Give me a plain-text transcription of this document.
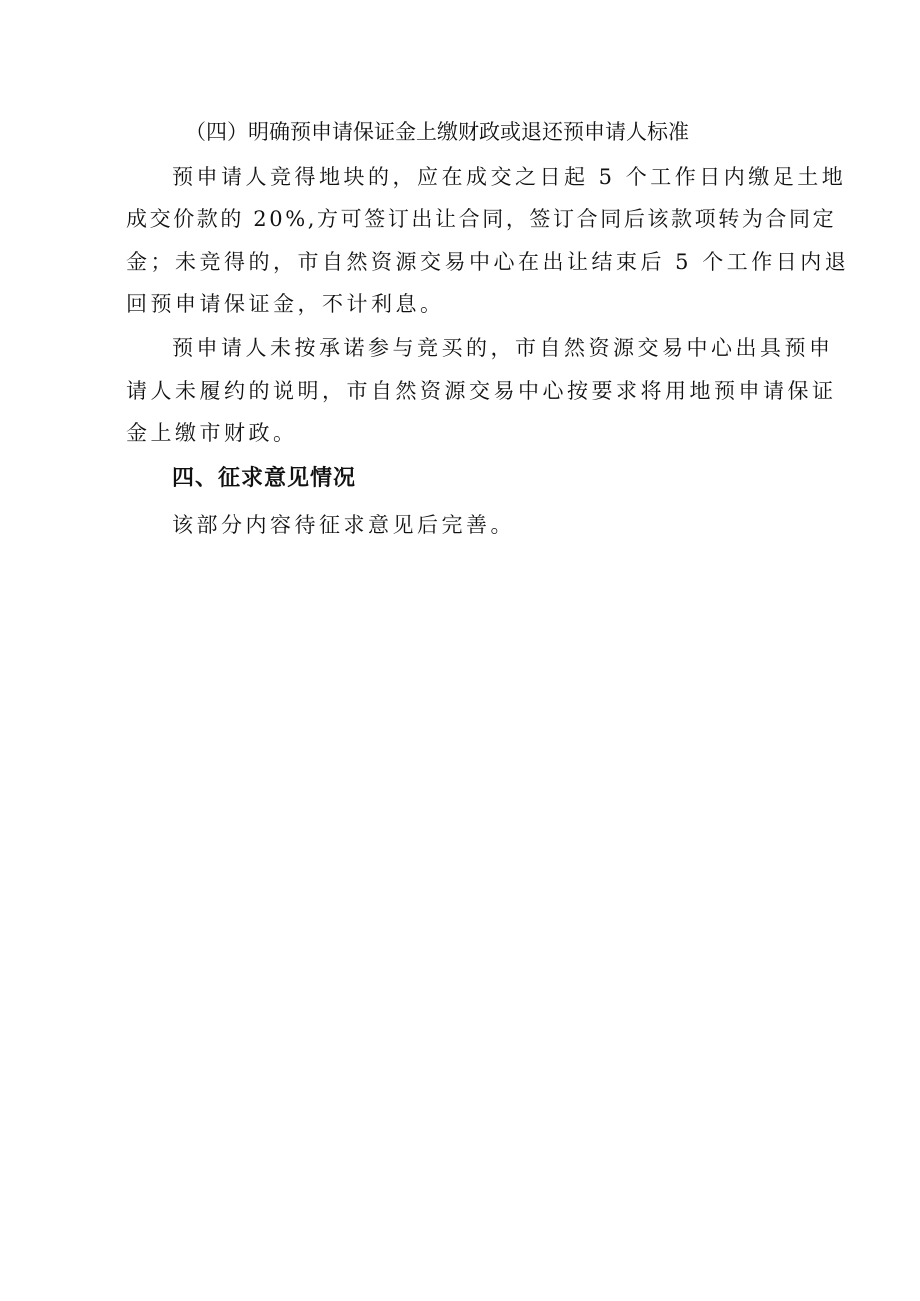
（四）明确预申请保证金上缴财政或退还预申请人标准
预申请人竞得地块的，应在成交之日起 5 个工作日内缴足土地
成交价款的 20%,方可签订出让合同，签订合同后该款项转为合同定
金；未竞得的，市自然资源交易中心在出让结束后 5 个工作日内退
回预申请保证金，不计利息。
预申请人未按承诺参与竞买的，市自然资源交易中心出具预申
请人未履约的说明，市自然资源交易中心按要求将用地预申请保证
金上缴市财政。
四、征求意见情况
该部分内容待征求意见后完善。
